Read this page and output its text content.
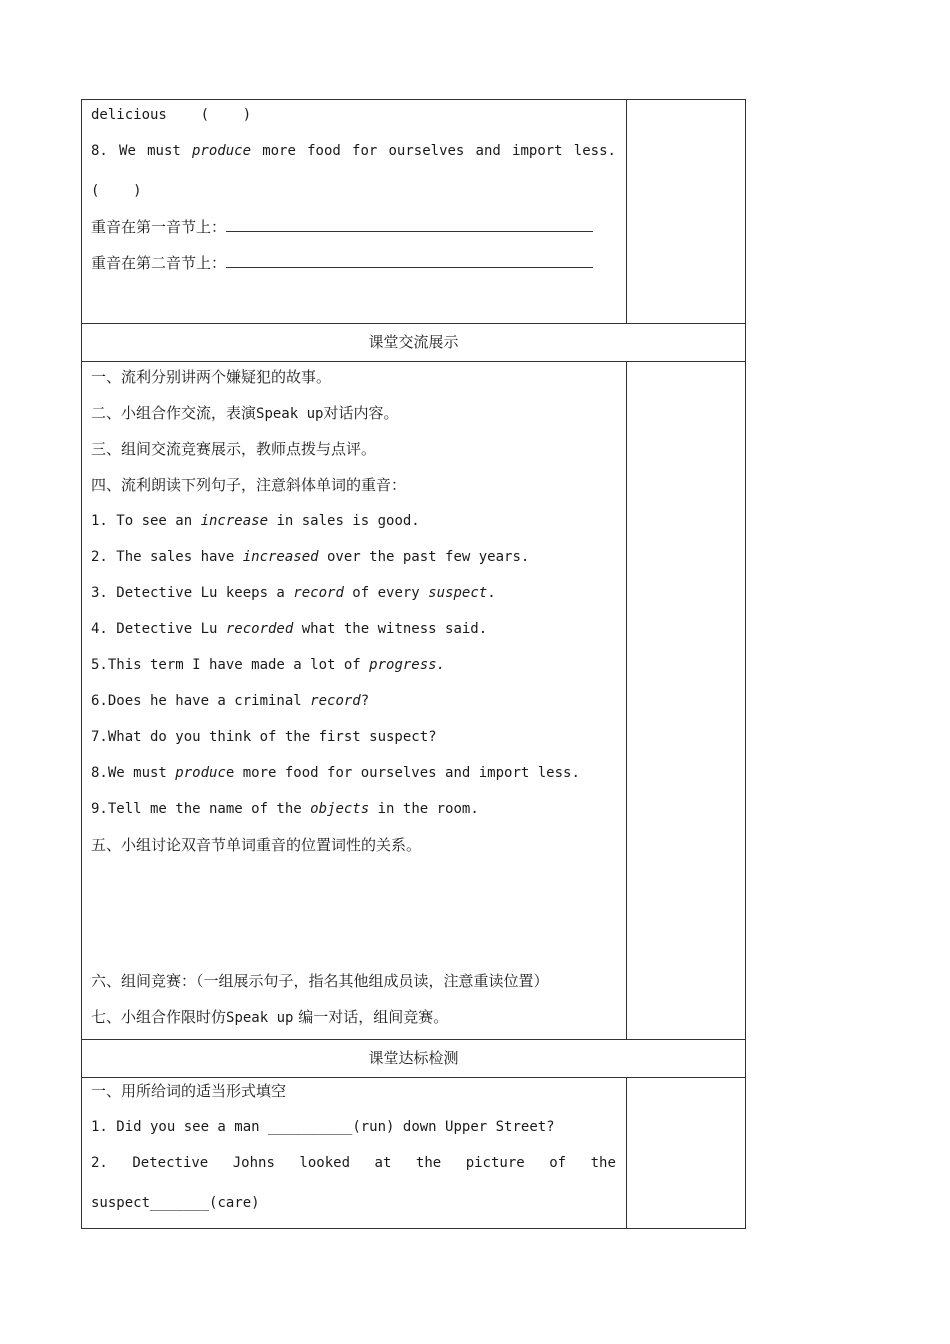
delicious    (    )
8. We must produce more food for ourselves and import less.
(    )
重音在第一音节上：
重音在第二音节上：
课堂交流展示
一、流利分别讲两个嫌疑犯的故事。
二、小组合作交流，表演Speak up对话内容。
三、组间交流竞赛展示，教师点拨与点评。
四、流利朗读下列句子，注意斜体单词的重音：
1. To see an increase in sales is good.
2. The sales have increased over the past few years.
3. Detective Lu keeps a record of every suspect.
4. Detective Lu recorded what the witness said.
5.This term I have made a lot of progress.
6.Does he have a criminal record?
7.What do you think of the first suspect?
8.We must produce more food for ourselves and import less.
9.Tell me the name of the objects in the room.
五、小组讨论双音节单词重音的位置词性的关系。
六、组间竞赛：（一组展示句子，指名其他组成员读，注意重读位置）
七、小组合作限时仿Speak up 编一对话，组间竞赛。
课堂达标检测
一、用所给词的适当形式填空
1. Did you see a man __________(run) down Upper Street?
2. Detective Johns looked at the picture of the
suspect_______(care)
